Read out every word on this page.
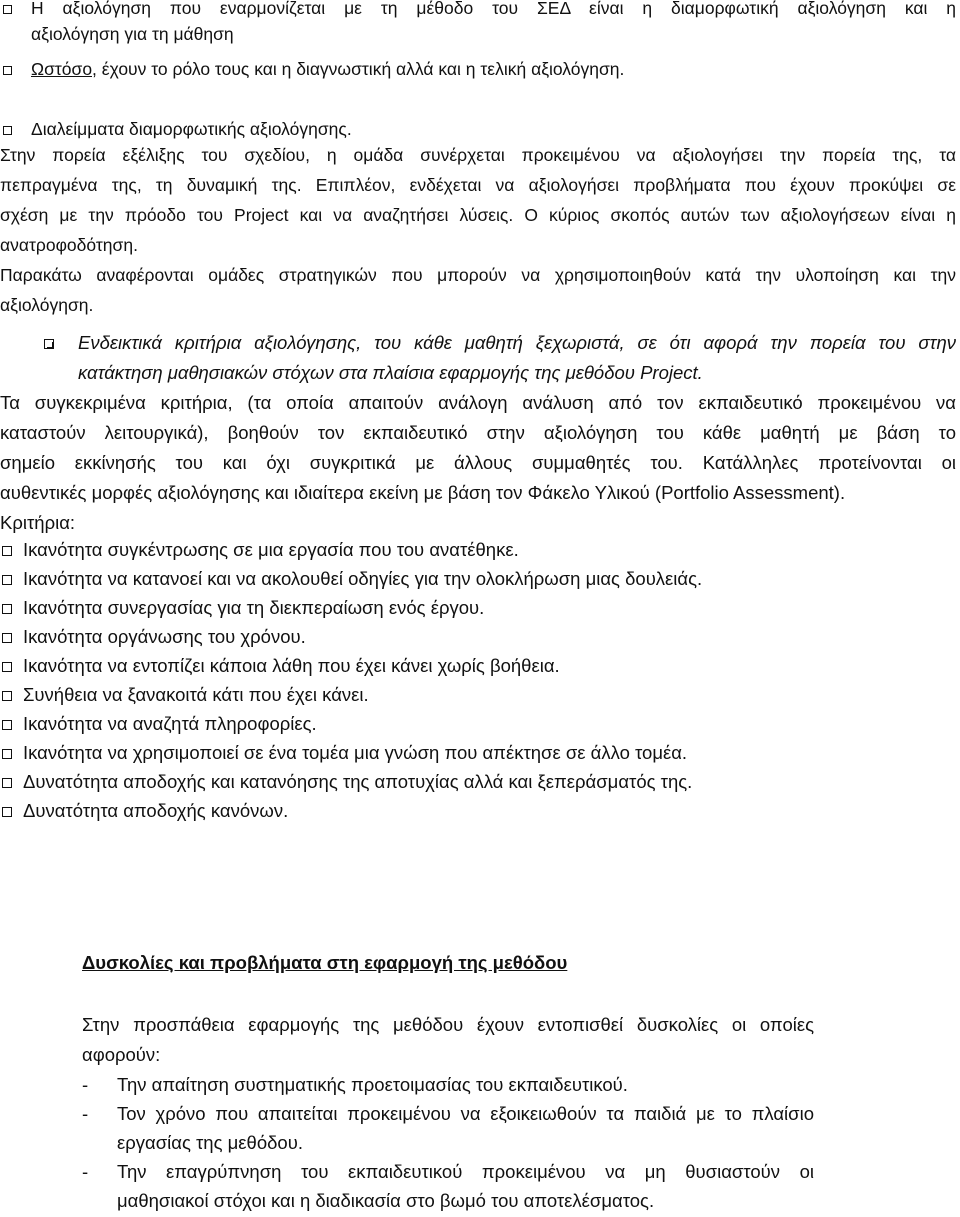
Η αξιολόγηση που εναρμονίζεται με τη μέθοδο του ΣΕΔ είναι η διαμορφωτική αξιολόγηση και η
αξιολόγηση για τη μάθηση
Ωστόσο, έχουν το ρόλο τους και η διαγνωστική αλλά και η τελική αξιολόγηση.
Διαλείμματα διαμορφωτικής αξιολόγησης.
Στην πορεία εξέλιξης του σχεδίου, η ομάδα συνέρχεται προκειμένου να αξιολογήσει την πορεία της, τα
πεπραγμένα της, τη δυναμική της. Επιπλέον, ενδέχεται να αξιολογήσει προβλήματα που έχουν προκύψει σε
σχέση με την πρόοδο του Project και να αναζητήσει λύσεις. Ο κύριος σκοπός αυτών των αξιολογήσεων είναι η
ανατροφοδότηση.
Παρακάτω αναφέρονται ομάδες στρατηγικών που μπορούν να χρησιμοποιηθούν κατά την υλοποίηση και την
αξιολόγηση.
Ενδεικτικά κριτήρια αξιολόγησης, του κάθε μαθητή ξεχωριστά, σε ότι αφορά την πορεία του στην
κατάκτηση μαθησιακών στόχων στα πλαίσια εφαρμογής της μεθόδου Project.
Τα συγκεκριμένα κριτήρια, (τα οποία απαιτούν ανάλογη ανάλυση από τον εκπαιδευτικό προκειμένου να
καταστούν λειτουργικά), βοηθούν τον εκπαιδευτικό στην αξιολόγηση του κάθε μαθητή με βάση το
σημείο εκκίνησής του και όχι συγκριτικά με άλλους συμμαθητές του. Κατάλληλες προτείνονται οι
αυθεντικές μορφές αξιολόγησης και ιδιαίτερα εκείνη με βάση τον Φάκελο Υλικού (Portfolio Assessment).
Κριτήρια:
Ικανότητα συγκέντρωσης σε μια εργασία που του ανατέθηκε.
Ικανότητα να κατανοεί και να ακολουθεί οδηγίες για την ολοκλήρωση μιας δουλειάς.
Ικανότητα συνεργασίας για τη διεκπεραίωση ενός έργου.
Ικανότητα οργάνωσης του χρόνου.
Ικανότητα να εντοπίζει κάποια λάθη που έχει κάνει χωρίς βοήθεια.
Συνήθεια να ξανακοιτά κάτι που έχει κάνει.
Ικανότητα να αναζητά πληροφορίες.
Ικανότητα να χρησιμοποιεί σε ένα τομέα μια γνώση που απέκτησε σε άλλο τομέα.
Δυνατότητα αποδοχής και κατανόησης της αποτυχίας αλλά και ξεπεράσματός της.
Δυνατότητα αποδοχής κανόνων.
Δυσκολίες και προβλήματα στη εφαρμογή της μεθόδου
Στην προσπάθεια εφαρμογής της μεθόδου έχουν εντοπισθεί δυσκολίες οι οποίες
αφορούν:
- Την απαίτηση συστηματικής προετοιμασίας του εκπαιδευτικού.
- Τον χρόνο που απαιτείται προκειμένου να εξοικειωθούν τα παιδιά με το πλαίσιο
εργασίας της μεθόδου.
- Την επαγρύπνηση του εκπαιδευτικού προκειμένου να μη θυσιαστούν οι
μαθησιακοί στόχοι και η διαδικασία στο βωμό του αποτελέσματος.
